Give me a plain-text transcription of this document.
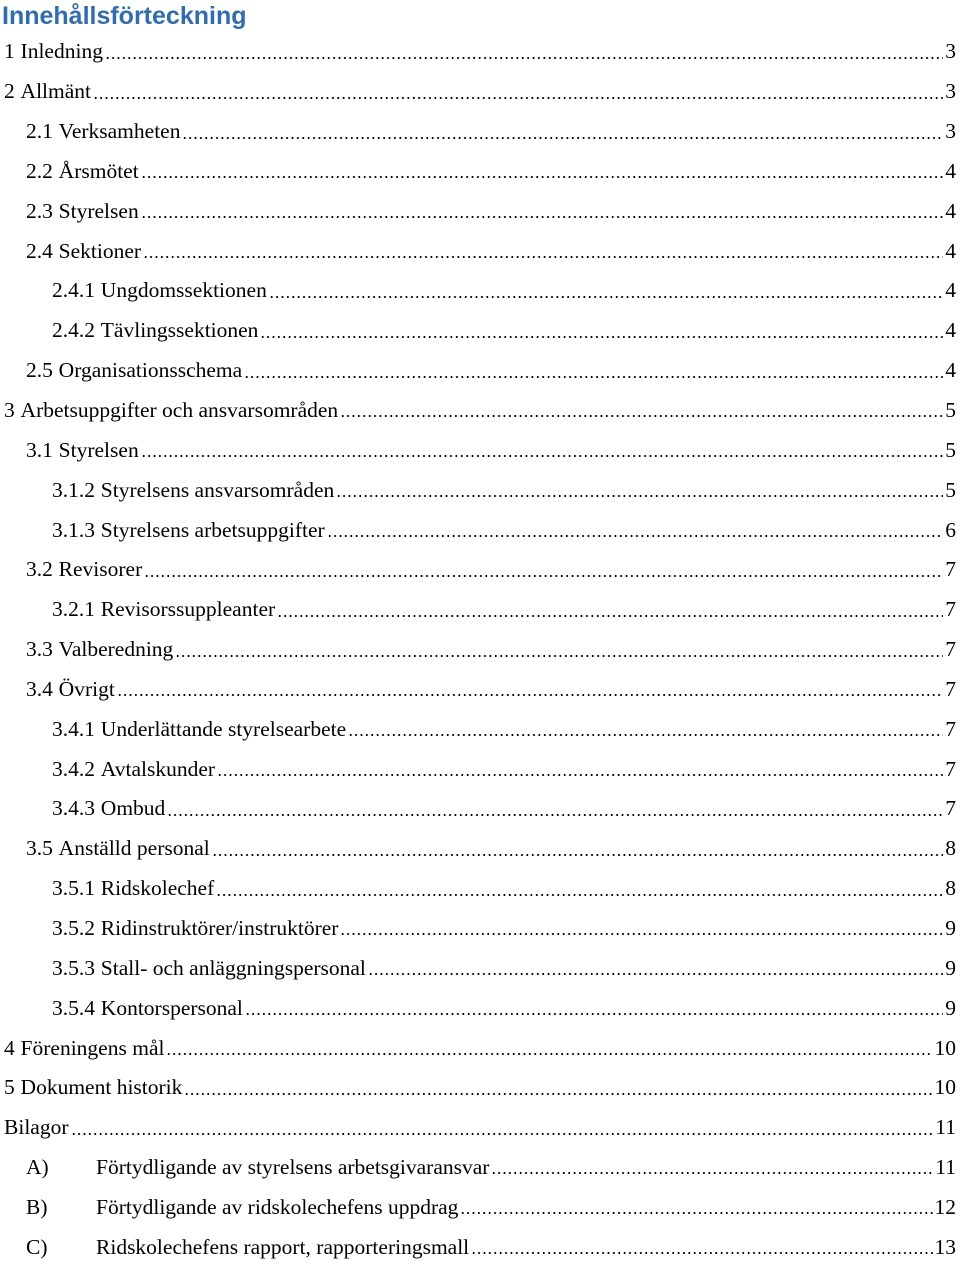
Innehållsförteckning
1 Inledning	3
2 Allmänt	3
2.1 Verksamheten	3
2.2 Årsmötet	4
2.3 Styrelsen	4
2.4 Sektioner	4
2.4.1 Ungdomssektionen	4
2.4.2 Tävlingssektionen	4
2.5 Organisationsschema	4
3 Arbetsuppgifter och ansvarsområden	5
3.1 Styrelsen	5
3.1.2 Styrelsens ansvarsområden	5
3.1.3 Styrelsens arbetsuppgifter	6
3.2 Revisorer	7
3.2.1 Revisorssuppleanter	7
3.3 Valberedning	7
3.4 Övrigt	7
3.4.1 Underlättande styrelsearbete	7
3.4.2 Avtalskunder	7
3.4.3 Ombud	7
3.5 Anställd personal	8
3.5.1 Ridskolechef	8
3.5.2 Ridinstruktörer/instruktörer	9
3.5.3 Stall- och anläggningspersonal	9
3.5.4 Kontorspersonal	9
4 Föreningens mål	10
5 Dokument historik	10
Bilagor	11
A)	Förtydligande av styrelsens arbetsgivaransvar	11
B)	Förtydligande av ridskolechefens uppdrag	12
C)	Ridskolechefens rapport, rapporteringsmall	13
